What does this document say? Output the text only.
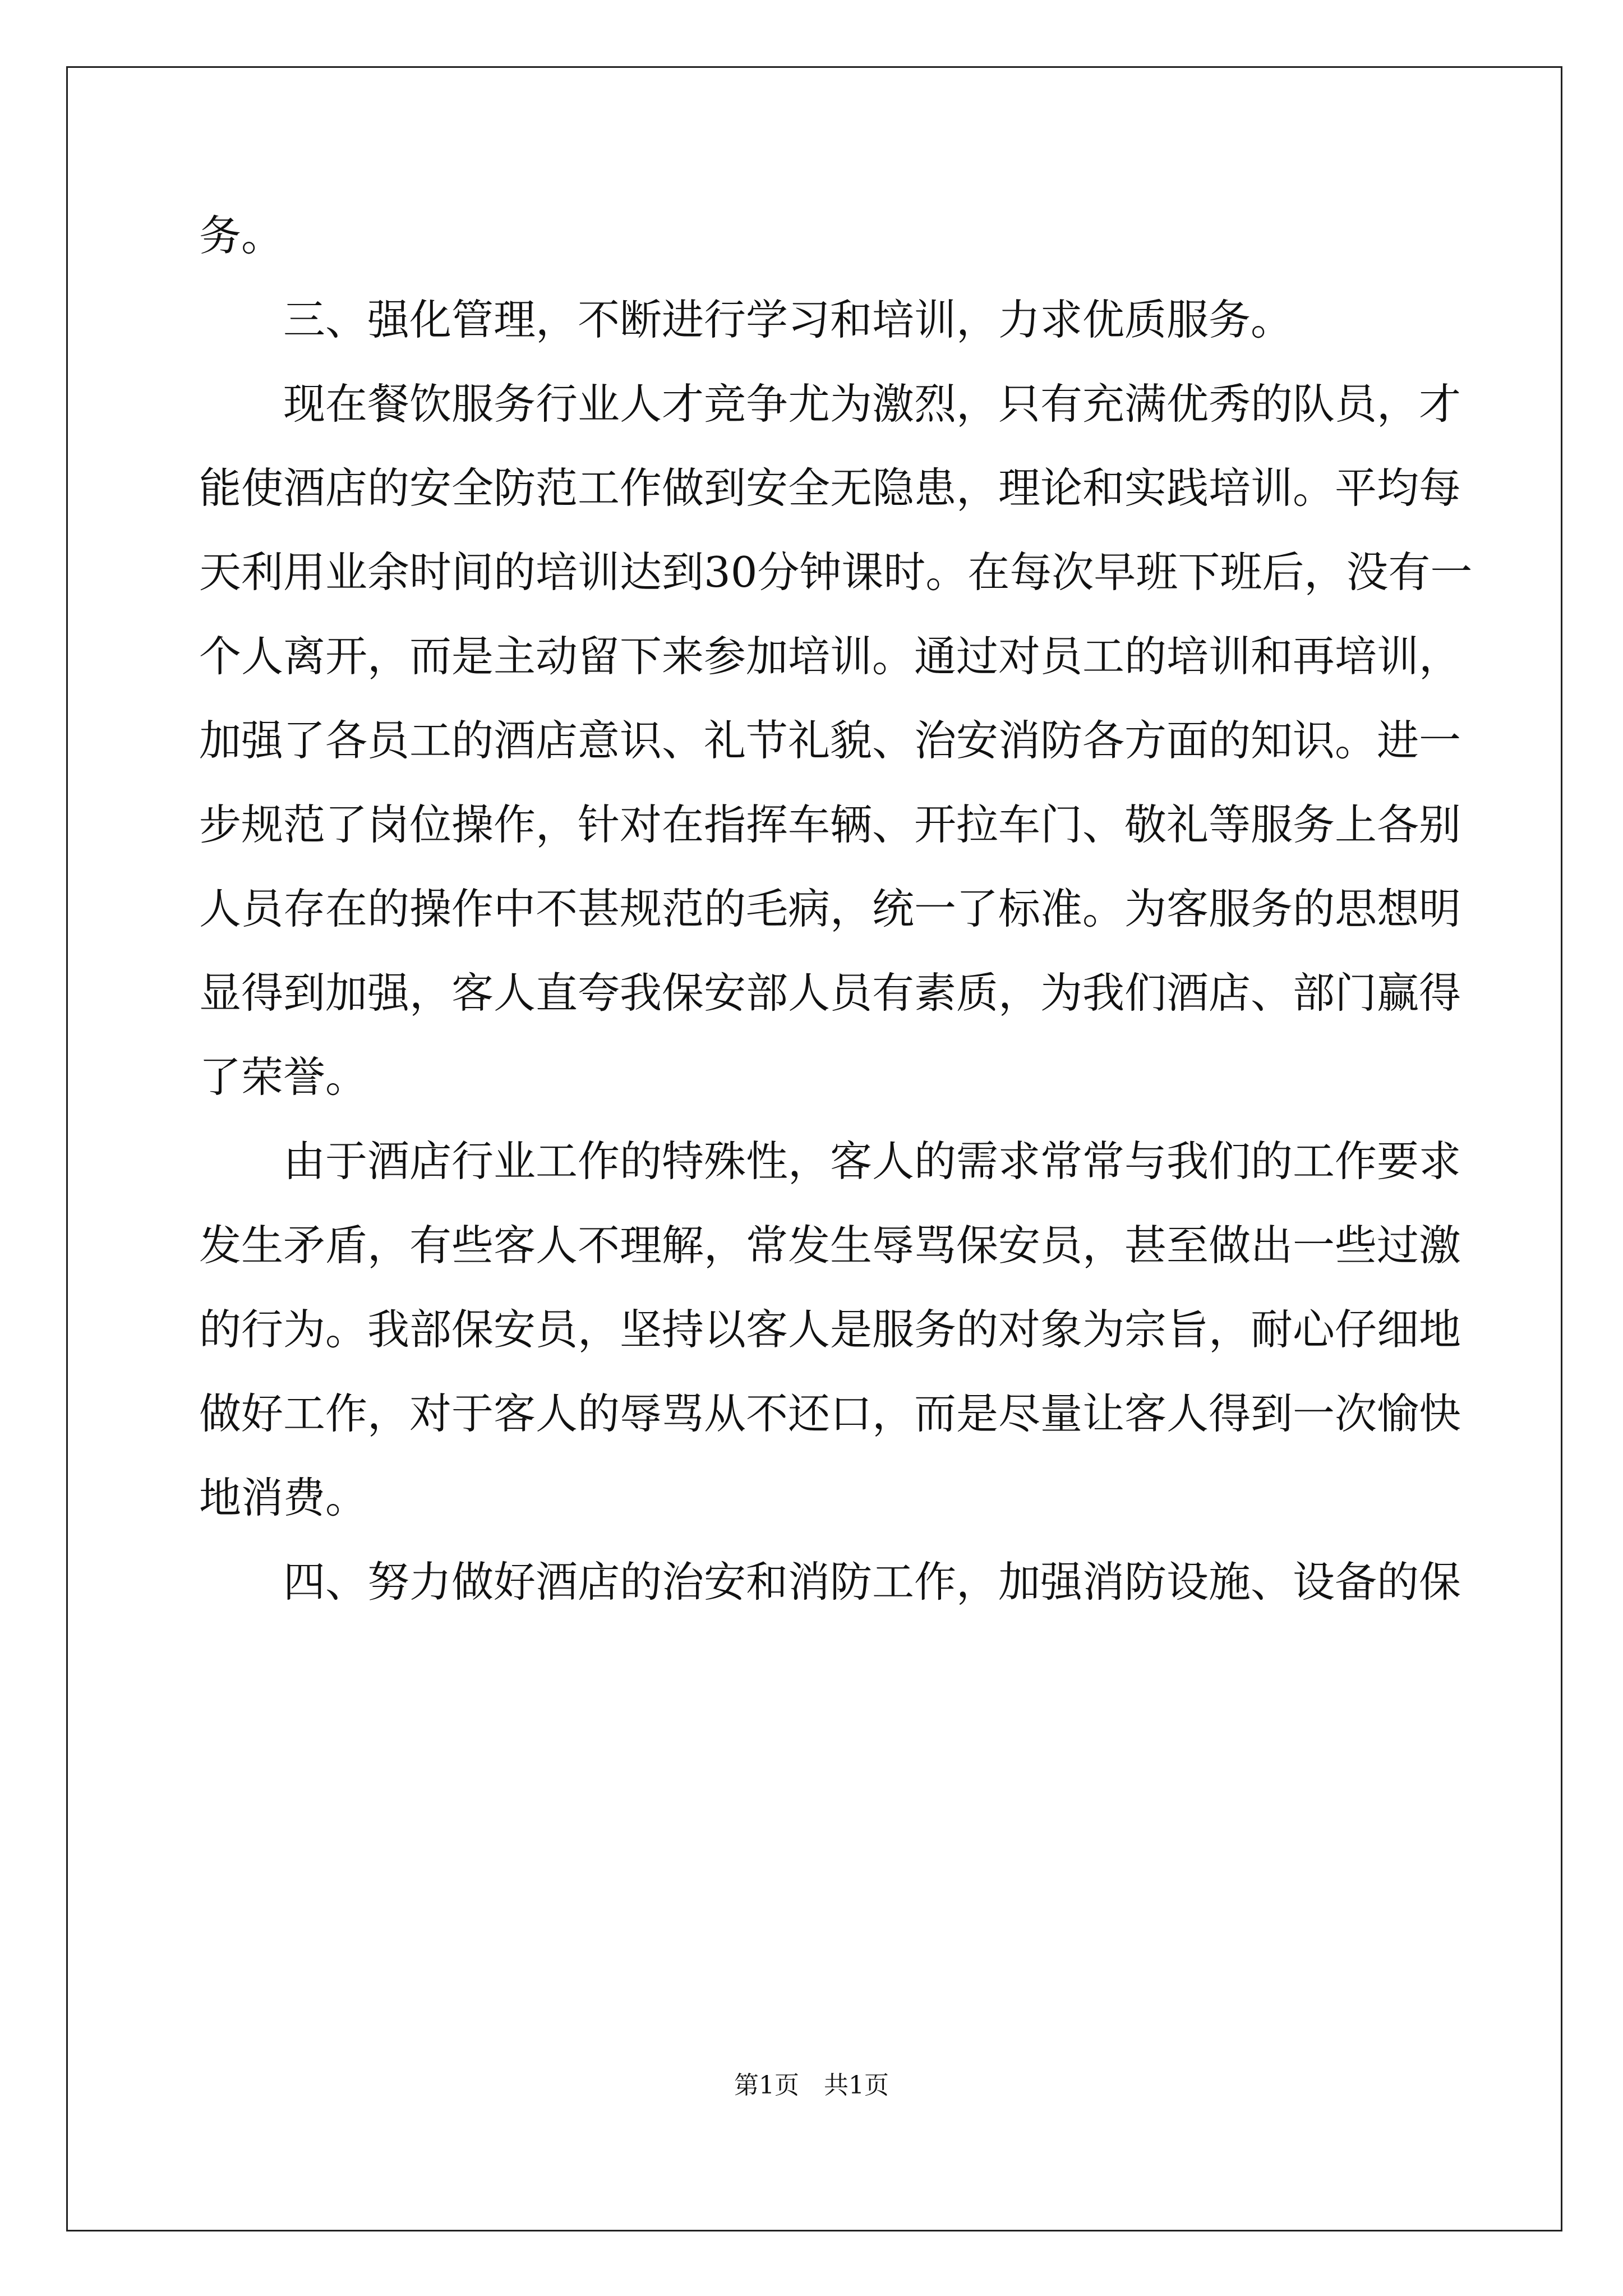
务。
三、强化管理，不断进行学习和培训，力求优质服务。
现在餐饮服务行业人才竞争尤为激烈，只有充满优秀的队员，才
能使酒店的安全防范工作做到安全无隐患，理论和实践培训。平均每
天利用业余时间的培训达到30分钟课时。在每次早班下班后，没有一
个人离开，而是主动留下来参加培训。通过对员工的培训和再培训，
加强了各员工的酒店意识、礼节礼貌、治安消防各方面的知识。进一
步规范了岗位操作，针对在指挥车辆、开拉车门、敬礼等服务上各别
人员存在的操作中不甚规范的毛病，统一了标准。为客服务的思想明
显得到加强，客人直夸我保安部人员有素质，为我们酒店、部门赢得
了荣誉。
由于酒店行业工作的特殊性，客人的需求常常与我们的工作要求
发生矛盾，有些客人不理解，常发生辱骂保安员，甚至做出一些过激
的行为。我部保安员，坚持以客人是服务的对象为宗旨，耐心仔细地
做好工作，对于客人的辱骂从不还口，而是尽量让客人得到一次愉快
地消费。
四、努力做好酒店的治安和消防工作，加强消防设施、设备的保
第1页　共1页
